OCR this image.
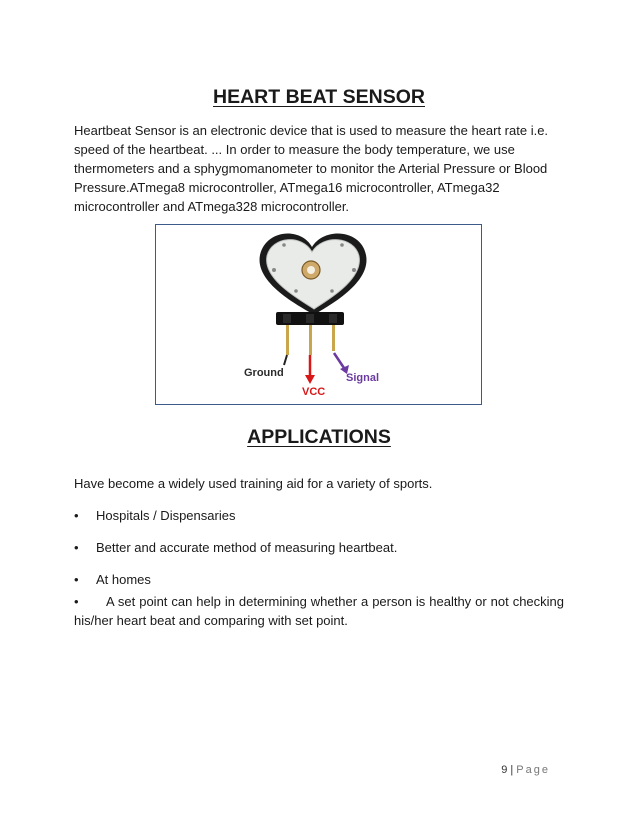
HEART BEAT SENSOR

Heartbeat Sensor is an electronic device that is used to measure the heart rate i.e. speed of the heartbeat. ... In order to measure the body temperature, we use thermometers and a sphygmomanometer to monitor the Arterial Pressure or Blood Pressure.ATmega8 microcontroller, ATmega16 microcontroller, ATmega32 microcontroller and ATmega328 microcontroller.

Ground
VCC
Signal
APPLICATIONS

Have become a widely used training aid for a variety of sports.

•	Hospitals / Dispensaries
•	Better and accurate method of measuring heartbeat.
•	At homes

• A set point can help in determining whether a person is healthy or not checking his/her heart beat and comparing with set point.

9 | Page
